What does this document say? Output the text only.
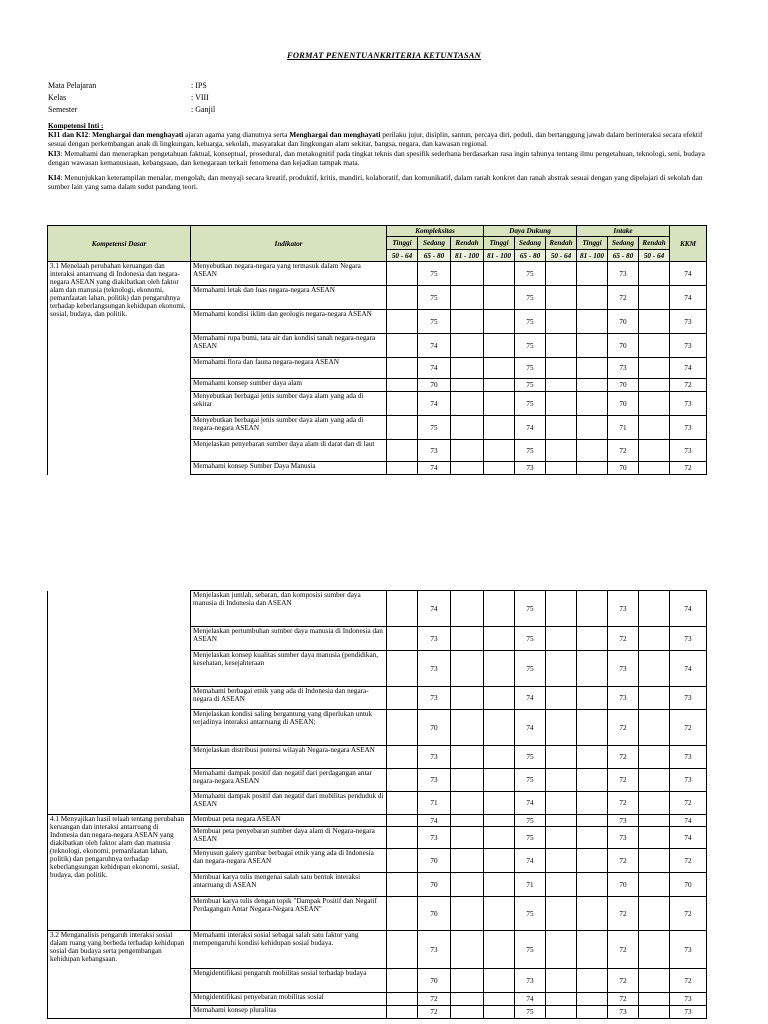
FORMAT PENENTUANKRITERIA KETUNTASAN
Mata Pelajaran	: IPS
Kelas	: VIII
Semester	: Ganjil

Kompetensi Inti :

KI1 dan KI2: Menghargai dan menghayati ajaran agama yang dianutnya serta Menghargai dan menghayati perilaku jujur, disiplin, santun, percaya diri, peduli, dan bertanggung jawab dalam berinteraksi secara efektif sesuai dengan perkembangan anak di lingkungan, keluarga, sekolah, masyarakat dan lingkungan alam sekitar, bangsa, negara, dan kawasan regional.

KI3: Memahami dan menerapkan pengetahuan faktual, konseptual, prosedural, dan metakognitif pada tingkat teknis dan spesifik sederhana berdasarkan rasa ingin tahunya tentang ilmu pengetahuan, teknologi, seni, budaya dengan wawasan kemanusiaan, kebangsaan, dan kenegaraan terkait fenomena dan kejadian tampak mata.

KI4: Menunjukkan keterampilan menalar, mengolah, dan menyaji secara kreatif, produktif, kritis, mandiri, kolaboratif, dan komunikatif, dalam ranah konkret dan ranah abstrak sesuai dengan yang dipelajari di sekolah dan sumber lain yang sama dalam sudut pandang teori.

Kompetensi Dasar	Indikator	Kompleksitas			Daya Dukung			Intake			KKM
		Tinggi	Sedang	Rendah	Tinggi	Sedang	Rendah	Tinggi	Sedang	Rendah	
		50 - 64	65 - 80	81 - 100	81 - 100	65 - 80	50 - 64	81 - 100	65 - 80	50 - 64	
3.1 Menelaah perubahan keruangan dan interaksi antarruang di Indonesia dan negara-negara ASEAN yang diakibatkan oleh faktor alam dan manusia (teknologi, ekonomi, pemanfaatan lahan, politik) dan pengaruhnya terhadap keberlangsungan kehidupan ekonomi, sosial, budaya, dan politik.	Menyebutkan negara-negara yang termasuk dalam Negara ASEAN		75			75			73		74
	Memahami letak dan luas negara-negara ASEAN		75			75			72		74
	Memahami kondisi iklim dan geologis negara-negara ASEAN		75			75			70		73
	Memahami rupa bumi, tata air dan kondisi tanah negara-negara ASEAN		74			75			70		73
	Memahami flora dan fauna negara-negara ASEAN		74			75			73		74
	Memahami konsep sumber daya alam		70			75			70		72
	Menyebutkan berbagai jenis sumber daya alam yang ada di sekitar		74			75			70		73
	Menyebutkan berbagai jenis sumber daya alam yang ada di negara-negara ASEAN		75			74			71		73
	Menjelaskan penyebaran sumber daya alam di darat dan di laut		73			75			72		73
	Memahami konsep Sumber Daya Manusia		74			73			70		72
	Menjelaskan jumlah, sebaran, dan komposisi sumber daya manusia di Indonesia dan ASEAN		74			75			73		74
	Menjelaskan pertumbuhan sumber daya manusia di Indonesia dan ASEAN		73			75			72		73
	Menjelaskan konsep kualitas sumber daya manusia (pendidikan, kesehatan, kesejahteraan		73			75			73		74
	Memahami berbagai etnik yang ada di Indonesia dan negara-negara di ASEAN		73			74			73		73
	Menjelaskan kondisi saling bergantung yang diperlukan untuk terjadinya interaksi antarruang di ASEAN;		70			74			72		72
	Menjelaskan distribusi potensi wilayah Negara-negara ASEAN		73			75			72		73
	Memahami dampak positif dan negatif dari perdagangan antar negara-negara ASEAN		73			75			72		73
	Memahami dampak positif dan negatif dari mobilitas penduduk di ASEAN		71			74			72		72
4.1 Menyajikan hasil telaah tentang perubahan keruangan dan interaksi antarruang di Indonesia dan negara-negara ASEAN yang diakibatkan oleh faktor alam dan manusia (teknologi, ekonomi, pemanfaatan lahan, politik) dan pengaruhnya terhadap keberlangsungan kehidupan ekonomi, sosial, budaya, dan politik.	Membuat peta negara ASEAN		74			75			73		74
	Membuat peta penyebaran sumber daya alam di Negara-negara ASEAN		73			75			73		74
	Menyusun galery gambar berbagai etnik yang ada di Indonesia dan negara-negara ASEAN		70			74			72		72
	Membuat karya tulis mengenai salah satu bentuk interaksi antarruang di ASEAN		70			71			70		70
	Membuat karya tulis dengan topik "Dampak Positif dan Negatif Perdagangan Antar Negara-Negara ASEAN"		70			75			72		72
3.2 Menganalisis pengaruh interaksi sosial dalam ruang yang berbeda terhadap kehidupan sosial dan budaya serta pengembangan kehidupan kebangsaan.	Memahami interaksi sosial sebagai salah satu faktor yang mempengaruhi kondisi kehidupan sosial budaya.		73			75			72		73
	Mengidentifikasi pengaruh mobilitas sosial terhadap budaya		70			73			72		72
	Mengidentifikasi penyebaran mobilitas sosial		72			74			72		73
	Memahami konsep pluralitas		72			75			73		73
